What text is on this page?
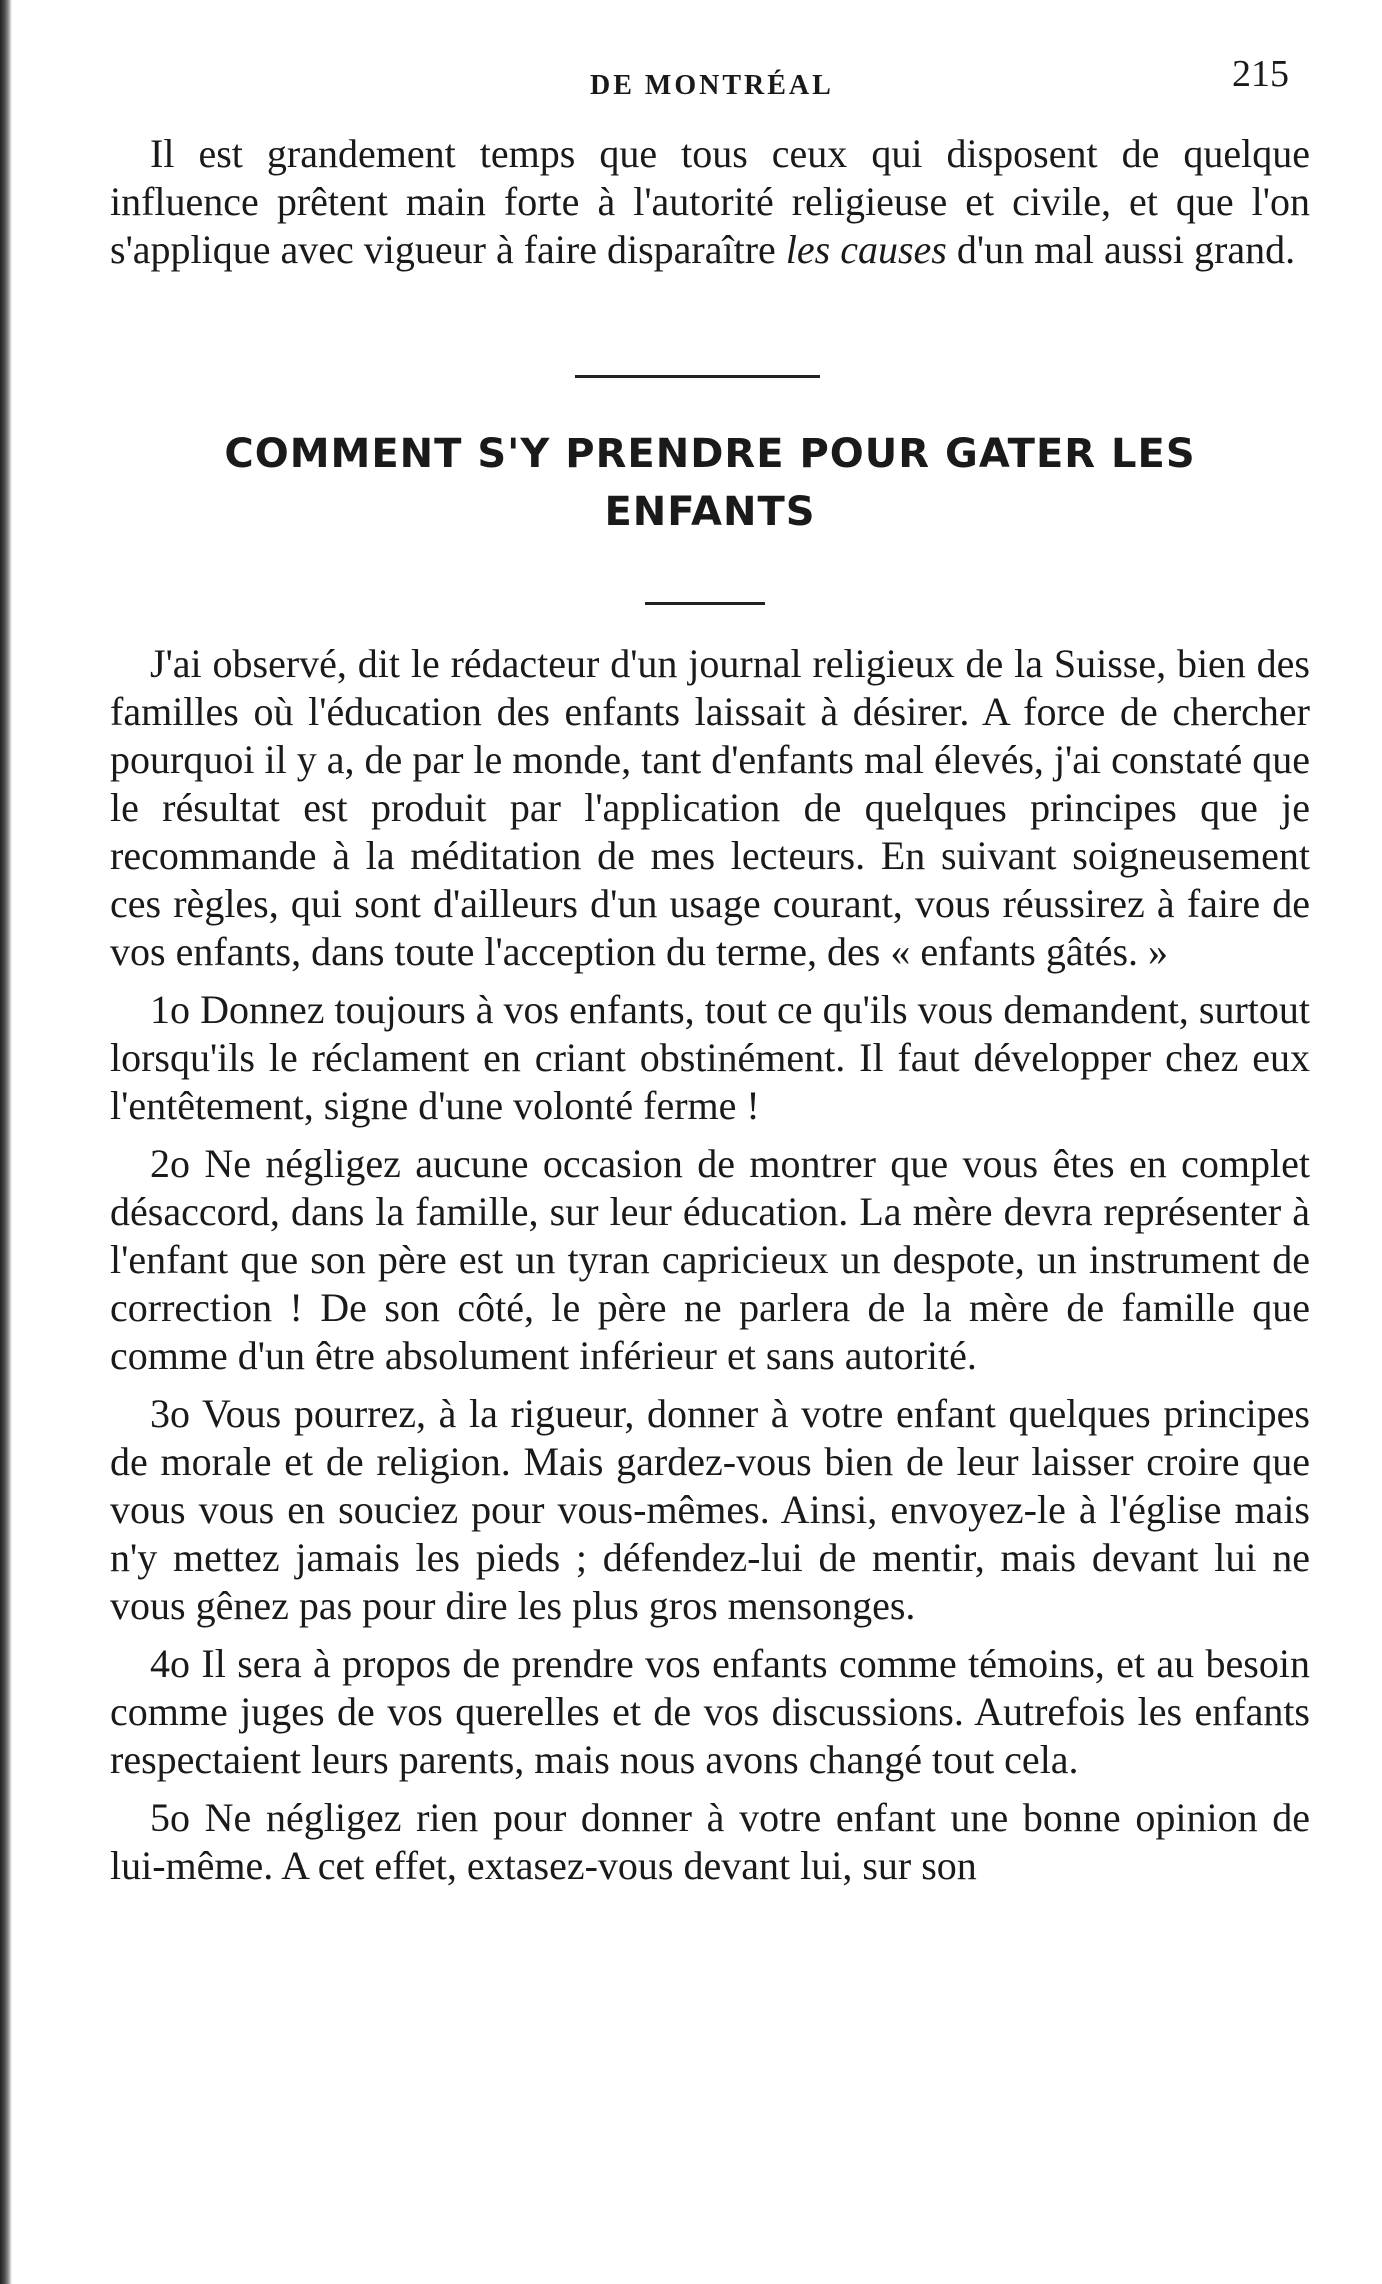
DE MONTRÉAL	215

Il est grandement temps que tous ceux qui disposent de quelque influence prêtent main forte à l'autorité religieuse et civile, et que l'on s'applique avec vigueur à faire disparaître les causes d'un mal aussi grand.

COMMENT S'Y PRENDRE POUR GATER LES
ENFANTS

J'ai observé, dit le rédacteur d'un journal religieux de la Suisse, bien des familles où l'éducation des enfants laissait à désirer. A force de chercher pourquoi il y a, de par le monde, tant d'enfants mal élevés, j'ai constaté que le résultat est produit par l'application de quelques principes que je recommande à la méditation de mes lecteurs. En suivant soigneusement ces règles, qui sont d'ailleurs d'un usage courant, vous réussirez à faire de vos enfants, dans toute l'acception du terme, des « enfants gâtés. »

1o Donnez toujours à vos enfants, tout ce qu'ils vous demandent, surtout lorsqu'ils le réclament en criant obstinément. Il faut développer chez eux l'entêtement, signe d'une volonté ferme !

2o Ne négligez aucune occasion de montrer que vous êtes en complet désaccord, dans la famille, sur leur éducation. La mère devra représenter à l'enfant que son père est un tyran capricieux un despote, un instrument de correction ! De son côté, le père ne parlera de la mère de famille que comme d'un être absolument inférieur et sans autorité.

3o Vous pourrez, à la rigueur, donner à votre enfant quelques principes de morale et de religion. Mais gardez-vous bien de leur laisser croire que vous vous en souciez pour vous-mêmes. Ainsi, envoyez-le à l'église mais n'y mettez jamais les pieds ; défendez-lui de mentir, mais devant lui ne vous gênez pas pour dire les plus gros mensonges.

4o Il sera à propos de prendre vos enfants comme témoins, et au besoin comme juges de vos querelles et de vos discussions. Autrefois les enfants respectaient leurs parents, mais nous avons changé tout cela.

5o Ne négligez rien pour donner à votre enfant une bonne opinion de lui-même. A cet effet, extasez-vous devant lui, sur son
